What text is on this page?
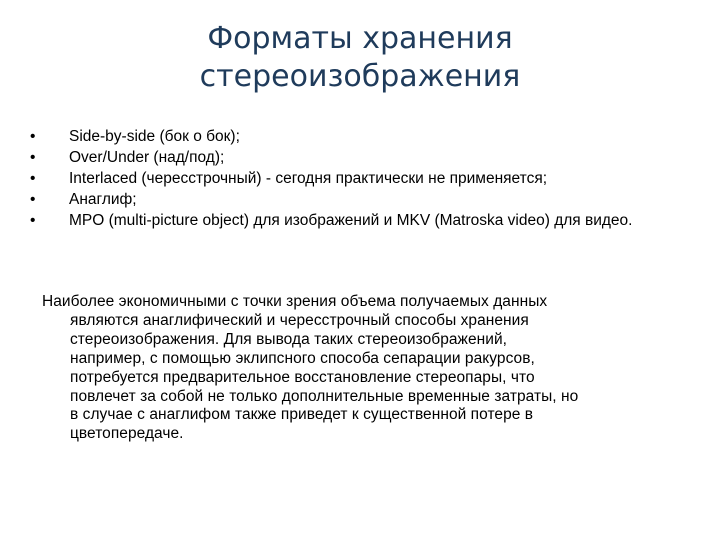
Форматы хранения
стереоизображения
•	Side-by-side (бок о бок);
•	Over/Under (над/под);
•	Interlaced (чересстрочный) - сегодня практически не применяется;
•	Анаглиф;
•	MPO (multi-picture object) для изображений и MKV (Matroska video) для видео.

Наиболее экономичными с точки зрения объема получаемых данных
являются анаглифический и чересстрочный способы хранения
стереоизображения. Для вывода таких стереоизображений,
например, с помощью эклипсного способа сепарации ракурсов,
потребуется предварительное восстановление стереопары, что
повлечет за собой не только дополнительные временные затраты, но
в случае с анаглифом также приведет к существенной потере в
цветопередаче.
